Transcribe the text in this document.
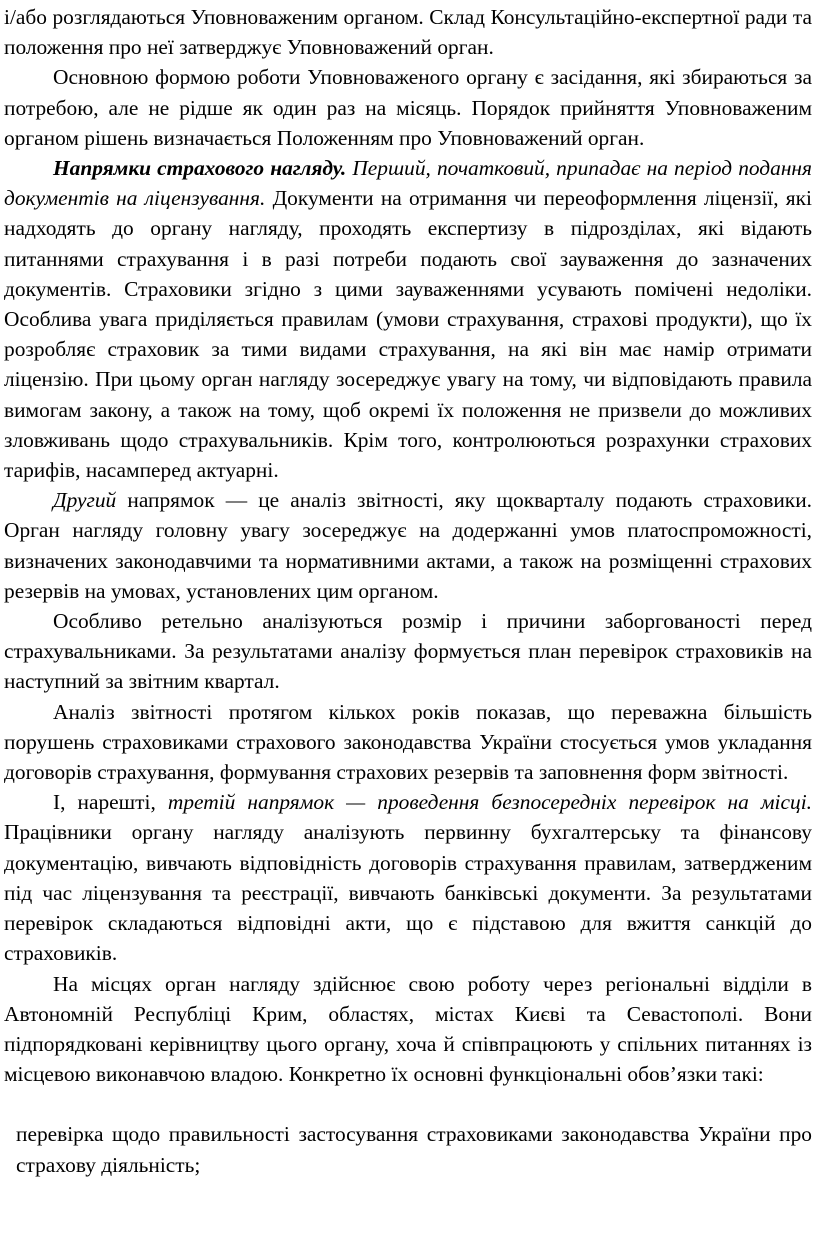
і/або розглядаються Уповноваженим органом. Склад Консультаційно-експертної ради та положення про неї затверджує Уповноважений орган.

Основною формою роботи Уповноваженого органу є засідання, які збираються за потребою, але не рідше як один раз на місяць. Порядок прийняття Уповноваженим органом рішень визначається Положенням про Уповноважений орган.

Напрямки страхового нагляду. Перший, початковий, припадає на період подання документів на ліцензування. Документи на отримання чи переоформлення ліцензії, які надходять до органу нагляду, проходять експертизу в підрозділах, які відають питаннями страхування і в разі потреби подають свої зауваження до зазначених документів. Страховики згідно з цими зауваженнями усувають помічені недоліки. Особлива увага приділяється правилам (умови страхування, страхові продукти), що їх розробляє страховик за тими видами страхування, на які він має намір отримати ліцензію. При цьому орган нагляду зосереджує увагу на тому, чи відповідають правила вимогам закону, а також на тому, щоб окремі їх положення не призвели до можливих зловживань щодо страхувальників. Крім того, контролюються розрахунки страхових тарифів, насамперед актуарні.

Другий напрямок — це аналіз звітності, яку щокварталу подають страховики. Орган нагляду головну увагу зосереджує на додержанні умов платоспроможності, визначених законодавчими та нормативними актами, а також на розміщенні страхових резервів на умовах, установлених цим органом.

Особливо ретельно аналізуються розмір і причини заборгованості перед страхувальниками. За результатами аналізу формується план перевірок страховиків на наступний за звітним квартал.

Аналіз звітності протягом кількох років показав, що переважна більшість порушень страховиками страхового законодавства України стосується умов укладання договорів страхування, формування страхових резервів та заповнення форм звітності.

І, нарешті, третій напрямок — проведення безпосередніх перевірок на місці. Працівники органу нагляду аналізують первинну бухгалтерську та фінансову документацію, вивчають відповідність договорів страхування правилам, затвердженим під час ліцензування та реєстрації, вивчають банківські документи. За результатами перевірок складаються відповідні акти, що є підставою для вжиття санкцій до страховиків.

На місцях орган нагляду здійснює свою роботу через регіональні відділи в Автономній Республіці Крим, областях, містах Києві та Севастополі. Вони підпорядковані керівництву цього органу, хоча й співпрацюють у спільних питаннях із місцевою виконавчою владою. Конкретно їх основні функціональні обов’язки такі:

перевірка щодо правильності застосування страховиками законодавства України про страхову діяльність;
